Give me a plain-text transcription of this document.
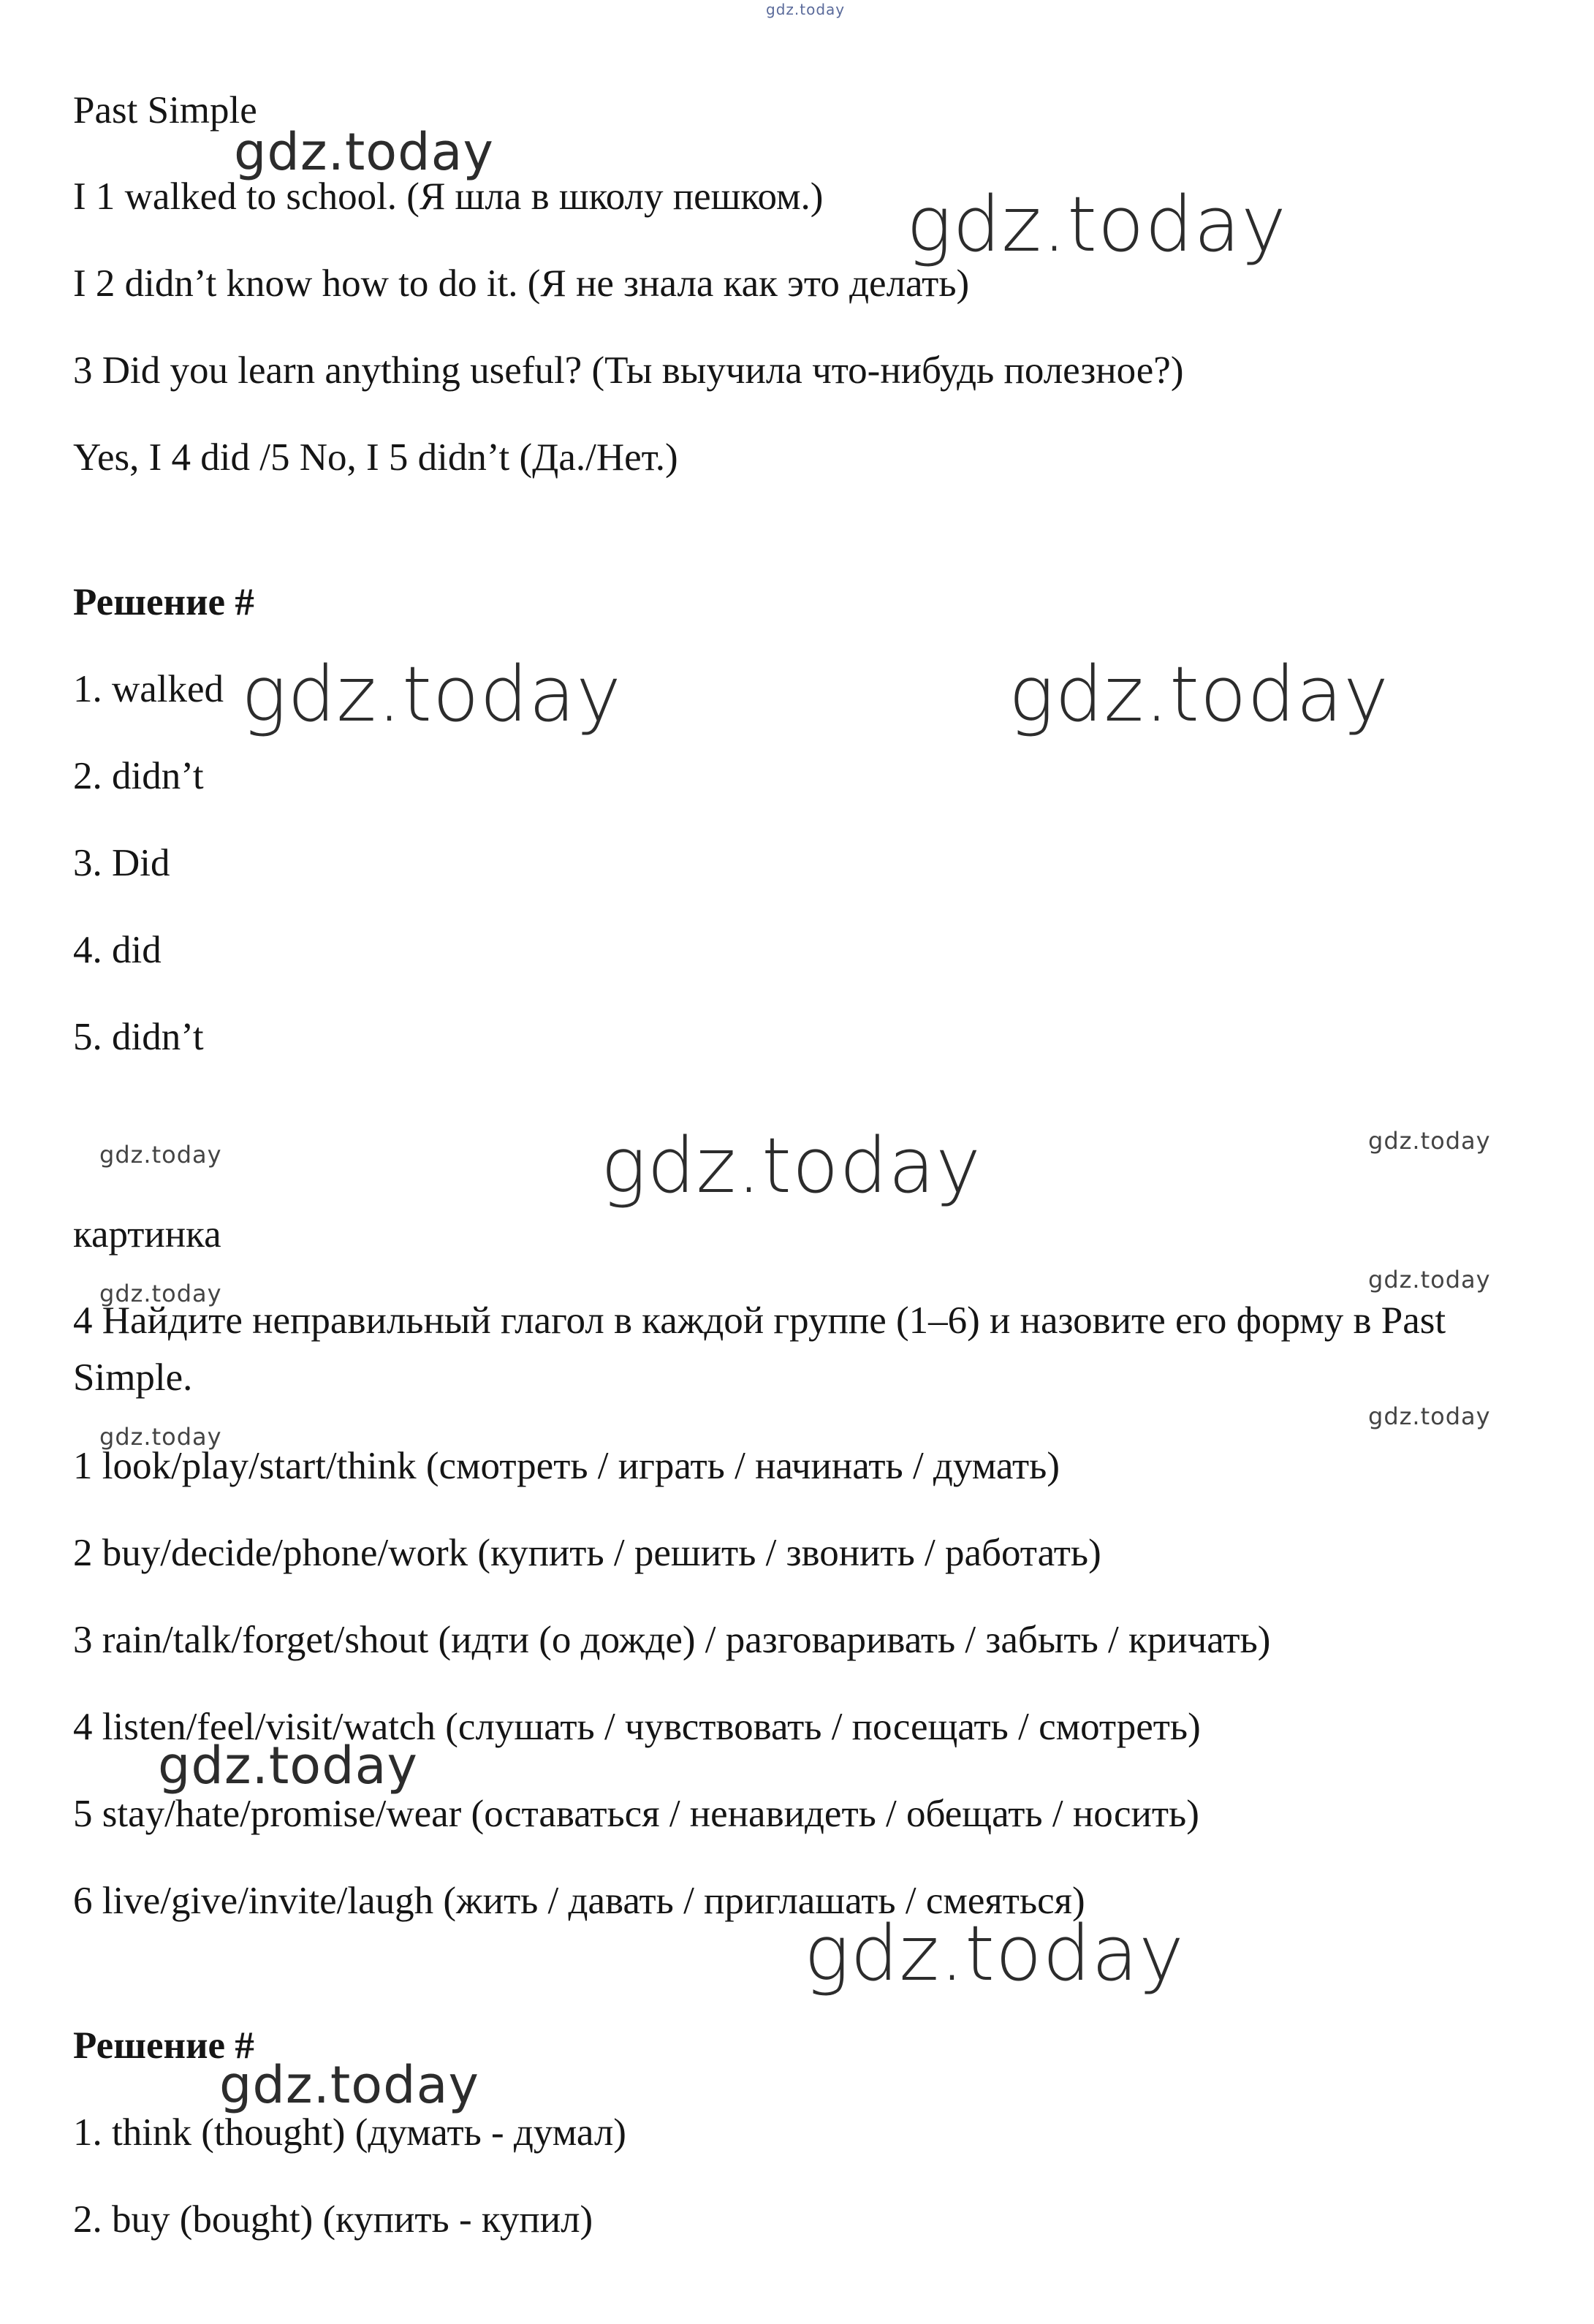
Past Simple
I 1 walked to school. (Я шла в школу пешком.)
I 2 didn’t know how to do it. (Я не знала как это делать)
3 Did you learn anything useful? (Ты выучила что-нибудь полезное?)
Yes, I 4 did /5 No, I 5 didn’t (Да./Нет.)
Решение #
1. walked
2. didn’t
3. Did
4. did
5. didn’t
картинка
4 Найдите неправильный глагол в каждой группе (1–6) и назовите его форму в Past Simple.
1 look/play/start/think (смотреть / играть / начинать / думать)
2 buy/decide/phone/work (купить / решить / звонить / работать)
3 rain/talk/forget/shout (идти (о дожде) / разговаривать / забыть / кричать)
4 listen/feel/visit/watch (слушать / чувствовать / посещать / смотреть)
5 stay/hate/promise/wear (оставаться / ненавидеть / обещать / носить)
6 live/give/invite/laugh (жить / давать / приглашать / смеяться)
Решение #
1. think (thought) (думать - думал)
2. buy (bought) (купить - купил)
gdz.today
gdz.today
gdz.today
gdz.today	gdz.today
gdz.today	gdz.today	gdz.today
gdz.today	gdz.today
gdz.today
gdz.today
gdz.today
gdz.today
gdz.today
